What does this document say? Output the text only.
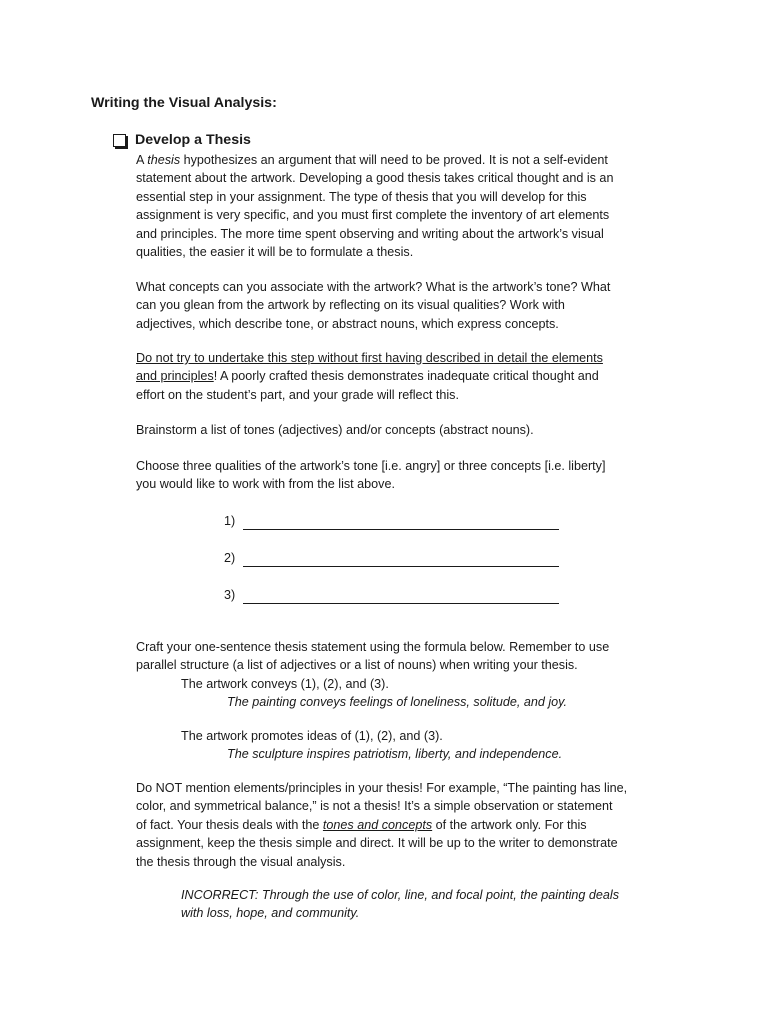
Writing the Visual Analysis:
Develop a Thesis

A thesis hypothesizes an argument that will need to be proved. It is not a self-evident

statement about the artwork. Developing a good thesis takes critical thought and is an

essential step in your assignment. The type of thesis that you will develop for this

assignment is very specific, and you must first complete the inventory of art elements

and principles. The more time spent observing and writing about the artwork’s visual

qualities, the easier it will be to formulate a thesis.

What concepts can you associate with the artwork? What is the artwork’s tone? What

can you glean from the artwork by reflecting on its visual qualities? Work with

adjectives, which describe tone, or abstract nouns, which express concepts.

Do not try to undertake this step without first having described in detail the elements

and principles! A poorly crafted thesis demonstrates inadequate critical thought and

effort on the student’s part, and your grade will reflect this.

Brainstorm a list of tones (adjectives) and/or concepts (abstract nouns).

Choose three qualities of the artwork’s tone [i.e. angry] or three concepts [i.e. liberty]

you would like to work with from the list above.

1)
2)
3)

Craft your one-sentence thesis statement using the formula below. Remember to use

parallel structure (a list of adjectives or a list of nouns) when writing your thesis.

The artwork conveys (1), (2), and (3).

The painting conveys feelings of loneliness, solitude, and joy.

The artwork promotes ideas of (1), (2), and (3).

The sculpture inspires patriotism, liberty, and independence.

Do NOT mention elements/principles in your thesis! For example, “The painting has line,

color, and symmetrical balance,” is not a thesis! It’s a simple observation or statement

of fact. Your thesis deals with the tones and concepts of the artwork only. For this

assignment, keep the thesis simple and direct. It will be up to the writer to demonstrate

the thesis through the visual analysis.

INCORRECT: Through the use of color, line, and focal point, the painting deals

with loss, hope, and community.
